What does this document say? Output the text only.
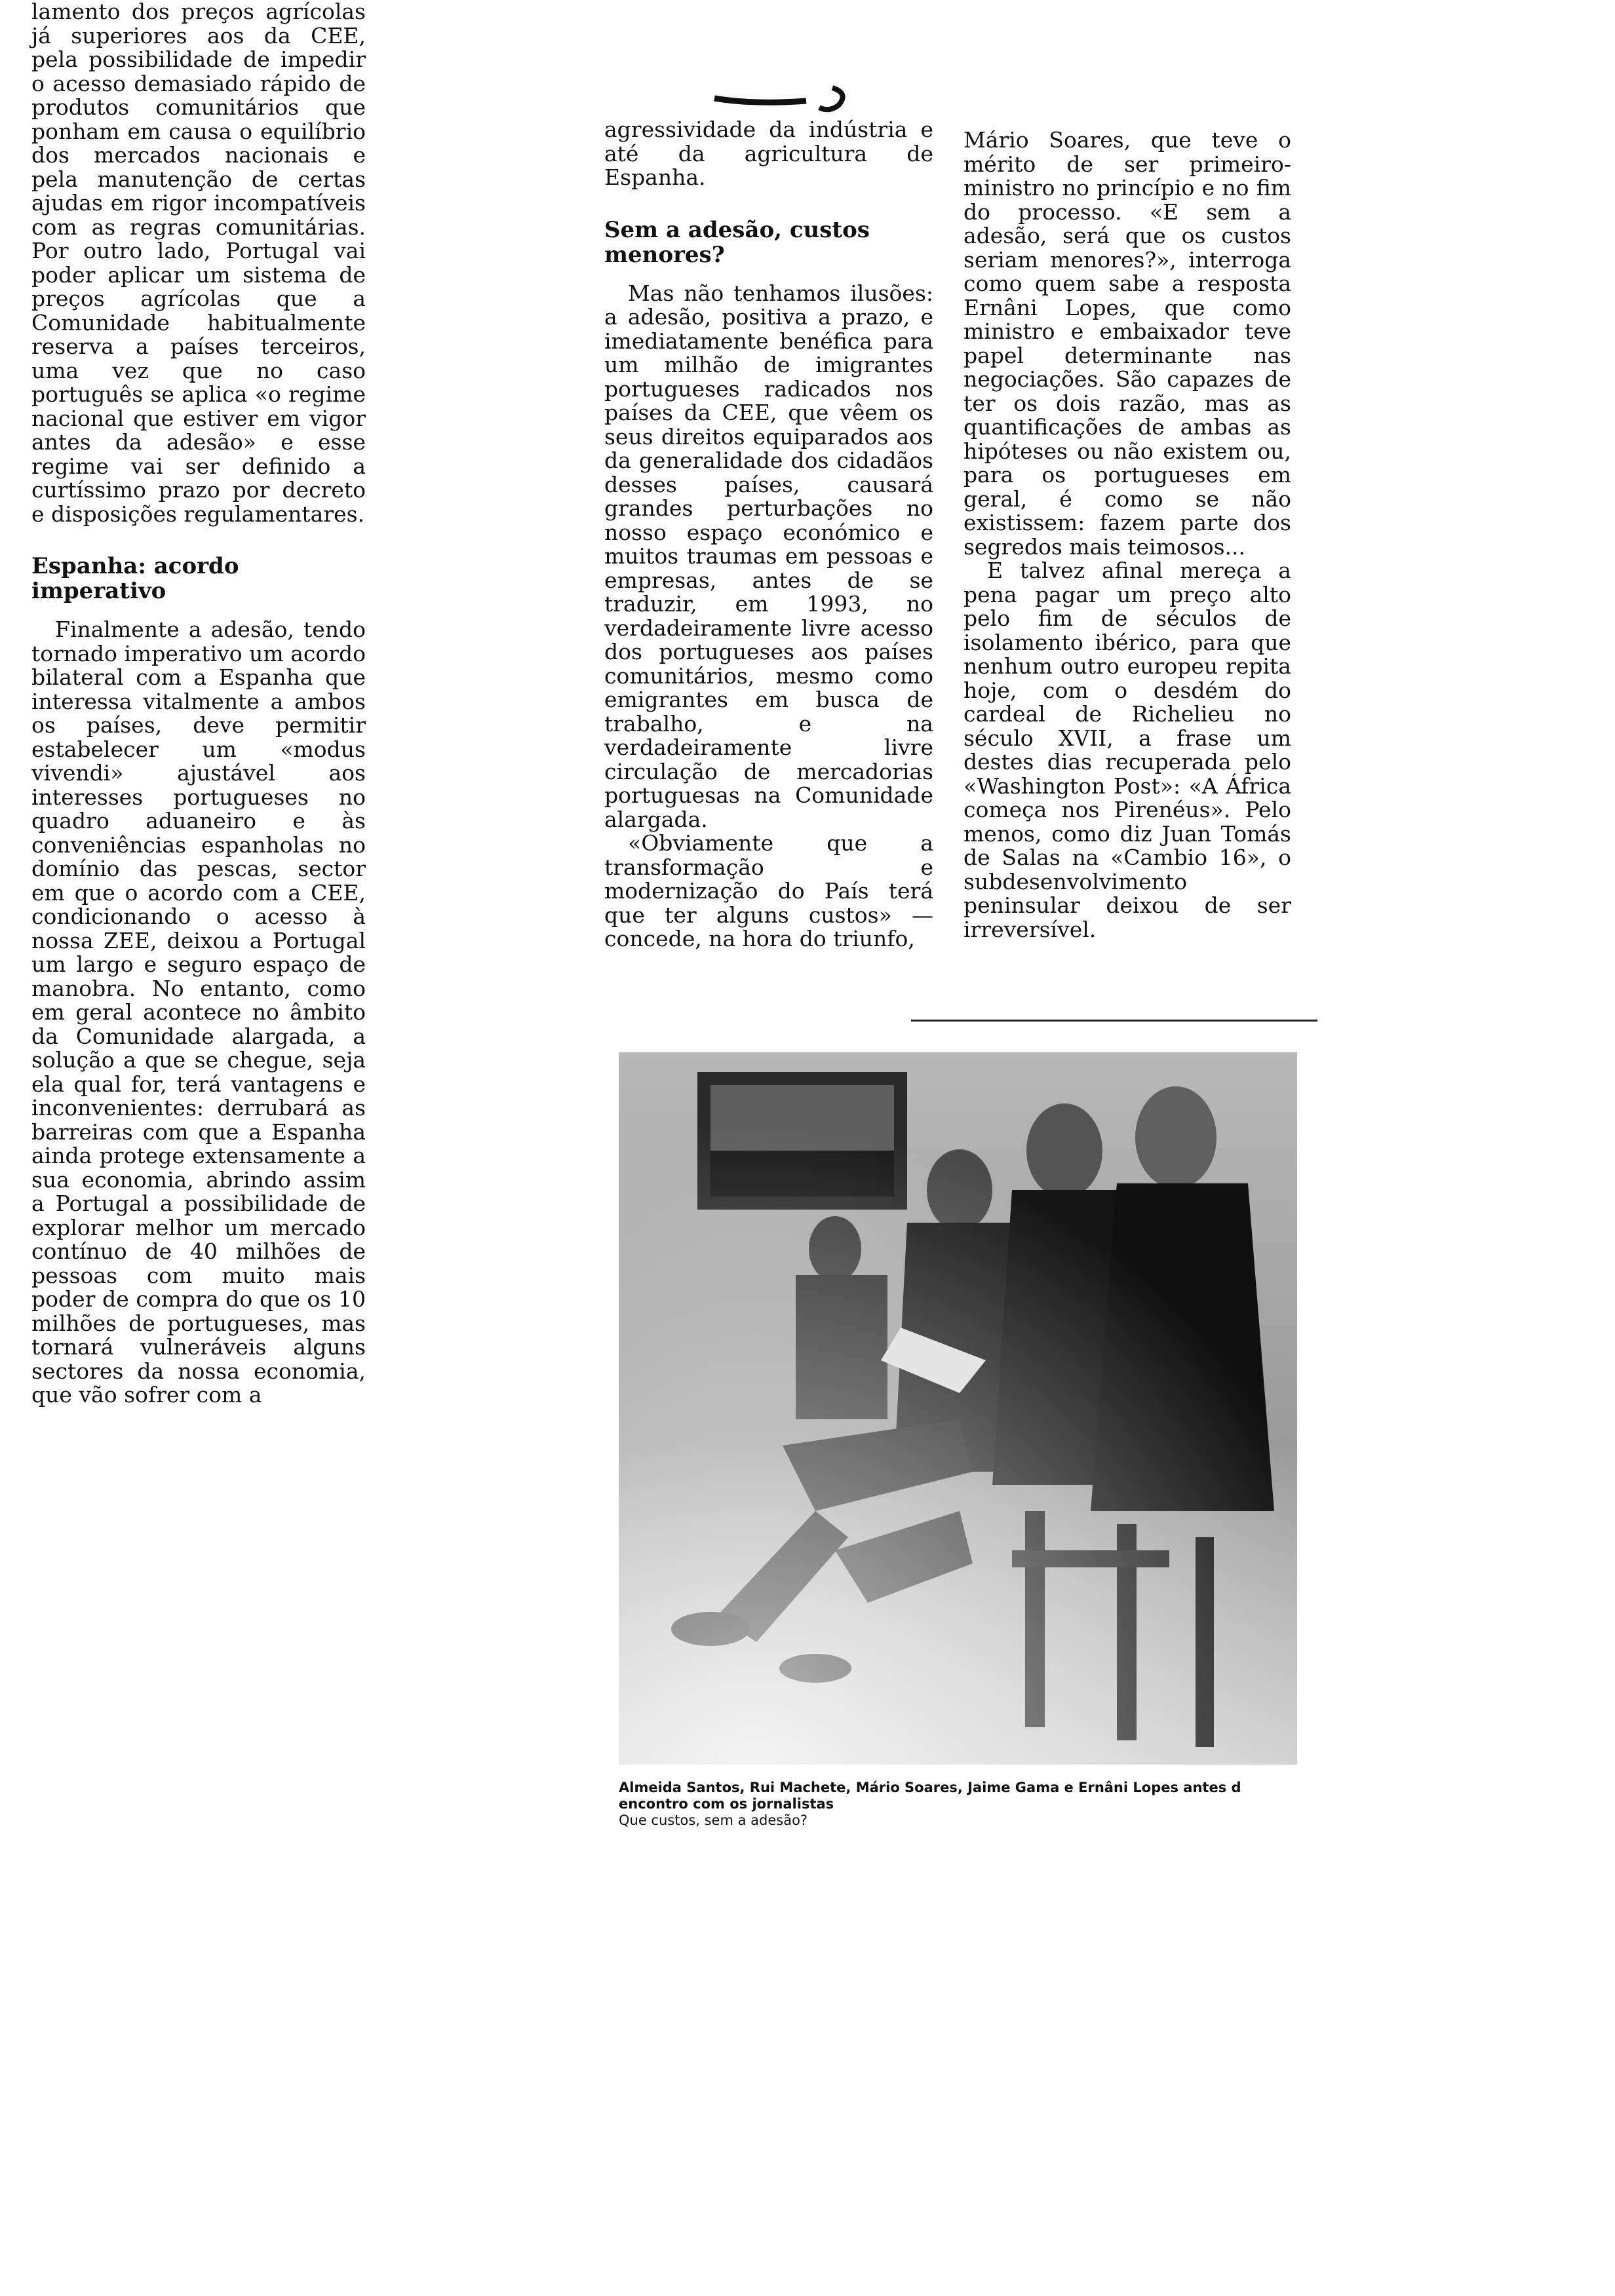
lamento dos preços agrícolas já superiores aos da CEE, pela possibilidade de impedir o acesso demasiado rápido de produtos comunitários que ponham em causa o equilíbrio dos mercados nacionais e pela manutenção de certas ajudas em rigor incompatíveis com as regras comunitárias. Por outro lado, Portugal vai poder aplicar um sistema de preços agrícolas que a Comunidade habitualmente reserva a países terceiros, uma vez que no caso português se aplica «o regime nacional que estiver em vigor antes da adesão» e esse regime vai ser definido a curtíssimo prazo por decreto e disposições regulamentares.

Espanha: acordo imperativo

Finalmente a adesão, tendo tornado imperativo um acordo bilateral com a Espanha que interessa vitalmente a ambos os países, deve permitir estabelecer um «modus vivendi» ajustável aos interesses portugueses no quadro aduaneiro e às conveniências espanholas no domínio das pescas, sector em que o acordo com a CEE, condicionando o acesso à nossa ZEE, deixou a Portugal um largo e seguro espaço de manobra. No entanto, como em geral acontece no âmbito da Comunidade alargada, a solução a que se chegue, seja ela qual for, terá vantagens e inconvenientes: derrubará as barreiras com que a Espanha ainda protege extensamente a sua economia, abrindo assim a Portugal a possibilidade de explorar melhor um mercado contínuo de 40 milhões de pessoas com muito mais poder de compra do que os 10 milhões de portugueses, mas tornará vulneráveis alguns sectores da nossa economia, que vão sofrer com a

agressividade da indústria e até da agricultura de Espanha.

Sem a adesão, custos menores?

Mas não tenhamos ilusões: a adesão, positiva a prazo, e imediatamente benéfica para um milhão de imigrantes portugueses radicados nos países da CEE, que vêem os seus direitos equiparados aos da generalidade dos cidadãos desses países, causará grandes perturbações no nosso espaço económico e muitos traumas em pessoas e empresas, antes de se traduzir, em 1993, no verdadeiramente livre acesso dos portugueses aos países comunitários, mesmo como emigrantes em busca de trabalho, e na verdadeiramente livre circulação de mercadorias portuguesas na Comunidade alargada.

«Obviamente que a transformação e modernização do País terá que ter alguns custos» — concede, na hora do triunfo,

Mário Soares, que teve o mérito de ser primeiro-ministro no princípio e no fim do processo. «E sem a adesão, será que os custos seriam menores?», interroga como quem sabe a resposta Ernâni Lopes, que como ministro e embaixador teve papel determinante nas negociações. São capazes de ter os dois razão, mas as quantificações de ambas as hipóteses ou não existem ou, para os portugueses em geral, é como se não existissem: fazem parte dos segredos mais teimosos...

E talvez afinal mereça a pena pagar um preço alto pelo fim de séculos de isolamento ibérico, para que nenhum outro europeu repita hoje, com o desdém do cardeal de Richelieu no século XVII, a frase um destes dias recuperada pelo «Washington Post»: «A África começa nos Pirenéus». Pelo menos, como diz Juan Tomás de Salas na «Cambio 16», o subdesenvolvimento peninsular deixou de ser irreversível.

Almeida Santos, Rui Machete, Mário Soares, Jaime Gama e Ernâni Lopes antes d encontro com os jornalistas
Que custos, sem a adesão?
